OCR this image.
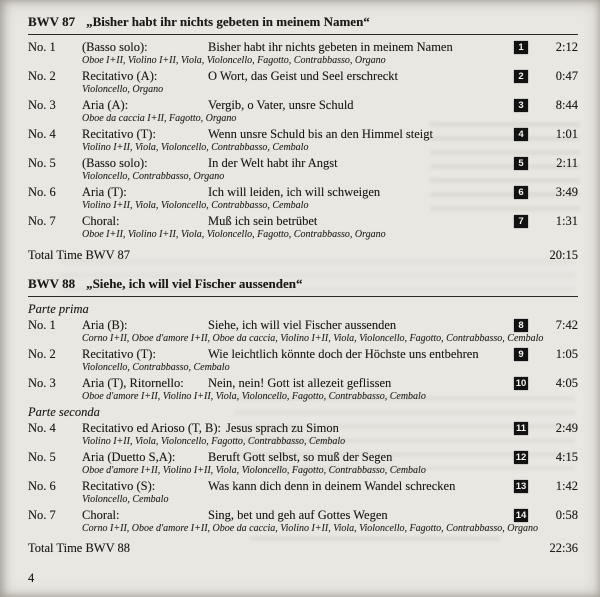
BWV 87 „Bisher habt ihr nichts gebeten in meinem Namen“
No. 1	(Basso solo):	Bisher habt ihr nichts gebeten in meinem Namen	1	2:12
Oboe I+II, Violino I+II, Viola, Violoncello, Fagotto, Contrabbasso, Organo
No. 2	Recitativo (A):	O Wort, das Geist und Seel erschreckt	2	0:47
Violoncello, Organo
No. 3	Aria (A):	Vergib, o Vater, unsre Schuld	3	8:44
Oboe da caccia I+II, Fagotto, Organo
No. 4	Recitativo (T):	Wenn unsre Schuld bis an den Himmel steigt	4	1:01
Violino I+II, Viola, Violoncello, Contrabbasso, Cembalo
No. 5	(Basso solo):	In der Welt habt ihr Angst	5	2:11
Violoncello, Contrabbasso, Organo
No. 6	Aria (T):	Ich will leiden, ich will schweigen	6	3:49
Violino I+II, Viola, Violoncello, Contrabbasso, Cembalo
No. 7	Choral:	Muß ich sein betrübet	7	1:31
Oboe I+II, Violino I+II, Viola, Violoncello, Fagotto, Contrabbasso, Organo
Total Time BWV 87	20:15
BWV 88 „Siehe, ich will viel Fischer aussenden“
Parte prima
No. 1	Aria (B):	Siehe, ich will viel Fischer aussenden	8	7:42
Corno I+II, Oboe d'amore I+II, Oboe da caccia, Violino I+II, Viola, Violoncello, Fagotto, Contrabbasso, Cembalo
No. 2	Recitativo (T):	Wie leichtlich könnte doch der Höchste uns entbehren	9	1:05
Violoncello, Contrabbasso, Cembalo
No. 3	Aria (T), Ritornello:	Nein, nein! Gott ist allezeit geflissen	10	4:05
Oboe d'amore I+II, Violino I+II, Viola, Violoncello, Fagotto, Contrabbasso, Cembalo
Parte seconda
No. 4	Recitativo ed Arioso (T, B): Jesus sprach zu Simon	11	2:49
Violino I+II, Viola, Violoncello, Fagotto, Contrabbasso, Cembalo
No. 5	Aria (Duetto S,A):	Beruft Gott selbst, so muß der Segen	12	4:15
Oboe d'amore I+II, Violino I+II, Viola, Violoncello, Fagotto, Contrabbasso, Cembalo
No. 6	Recitativo (S):	Was kann dich denn in deinem Wandel schrecken	13	1:42
Violoncello, Cembalo
No. 7	Choral:	Sing, bet und geh auf Gottes Wegen	14	0:58
Corno I+II, Oboe d'amore I+II, Oboe da caccia, Violino I+II, Viola, Violoncello, Fagotto, Contrabbasso, Organo
Total Time BWV 88	22:36
4
